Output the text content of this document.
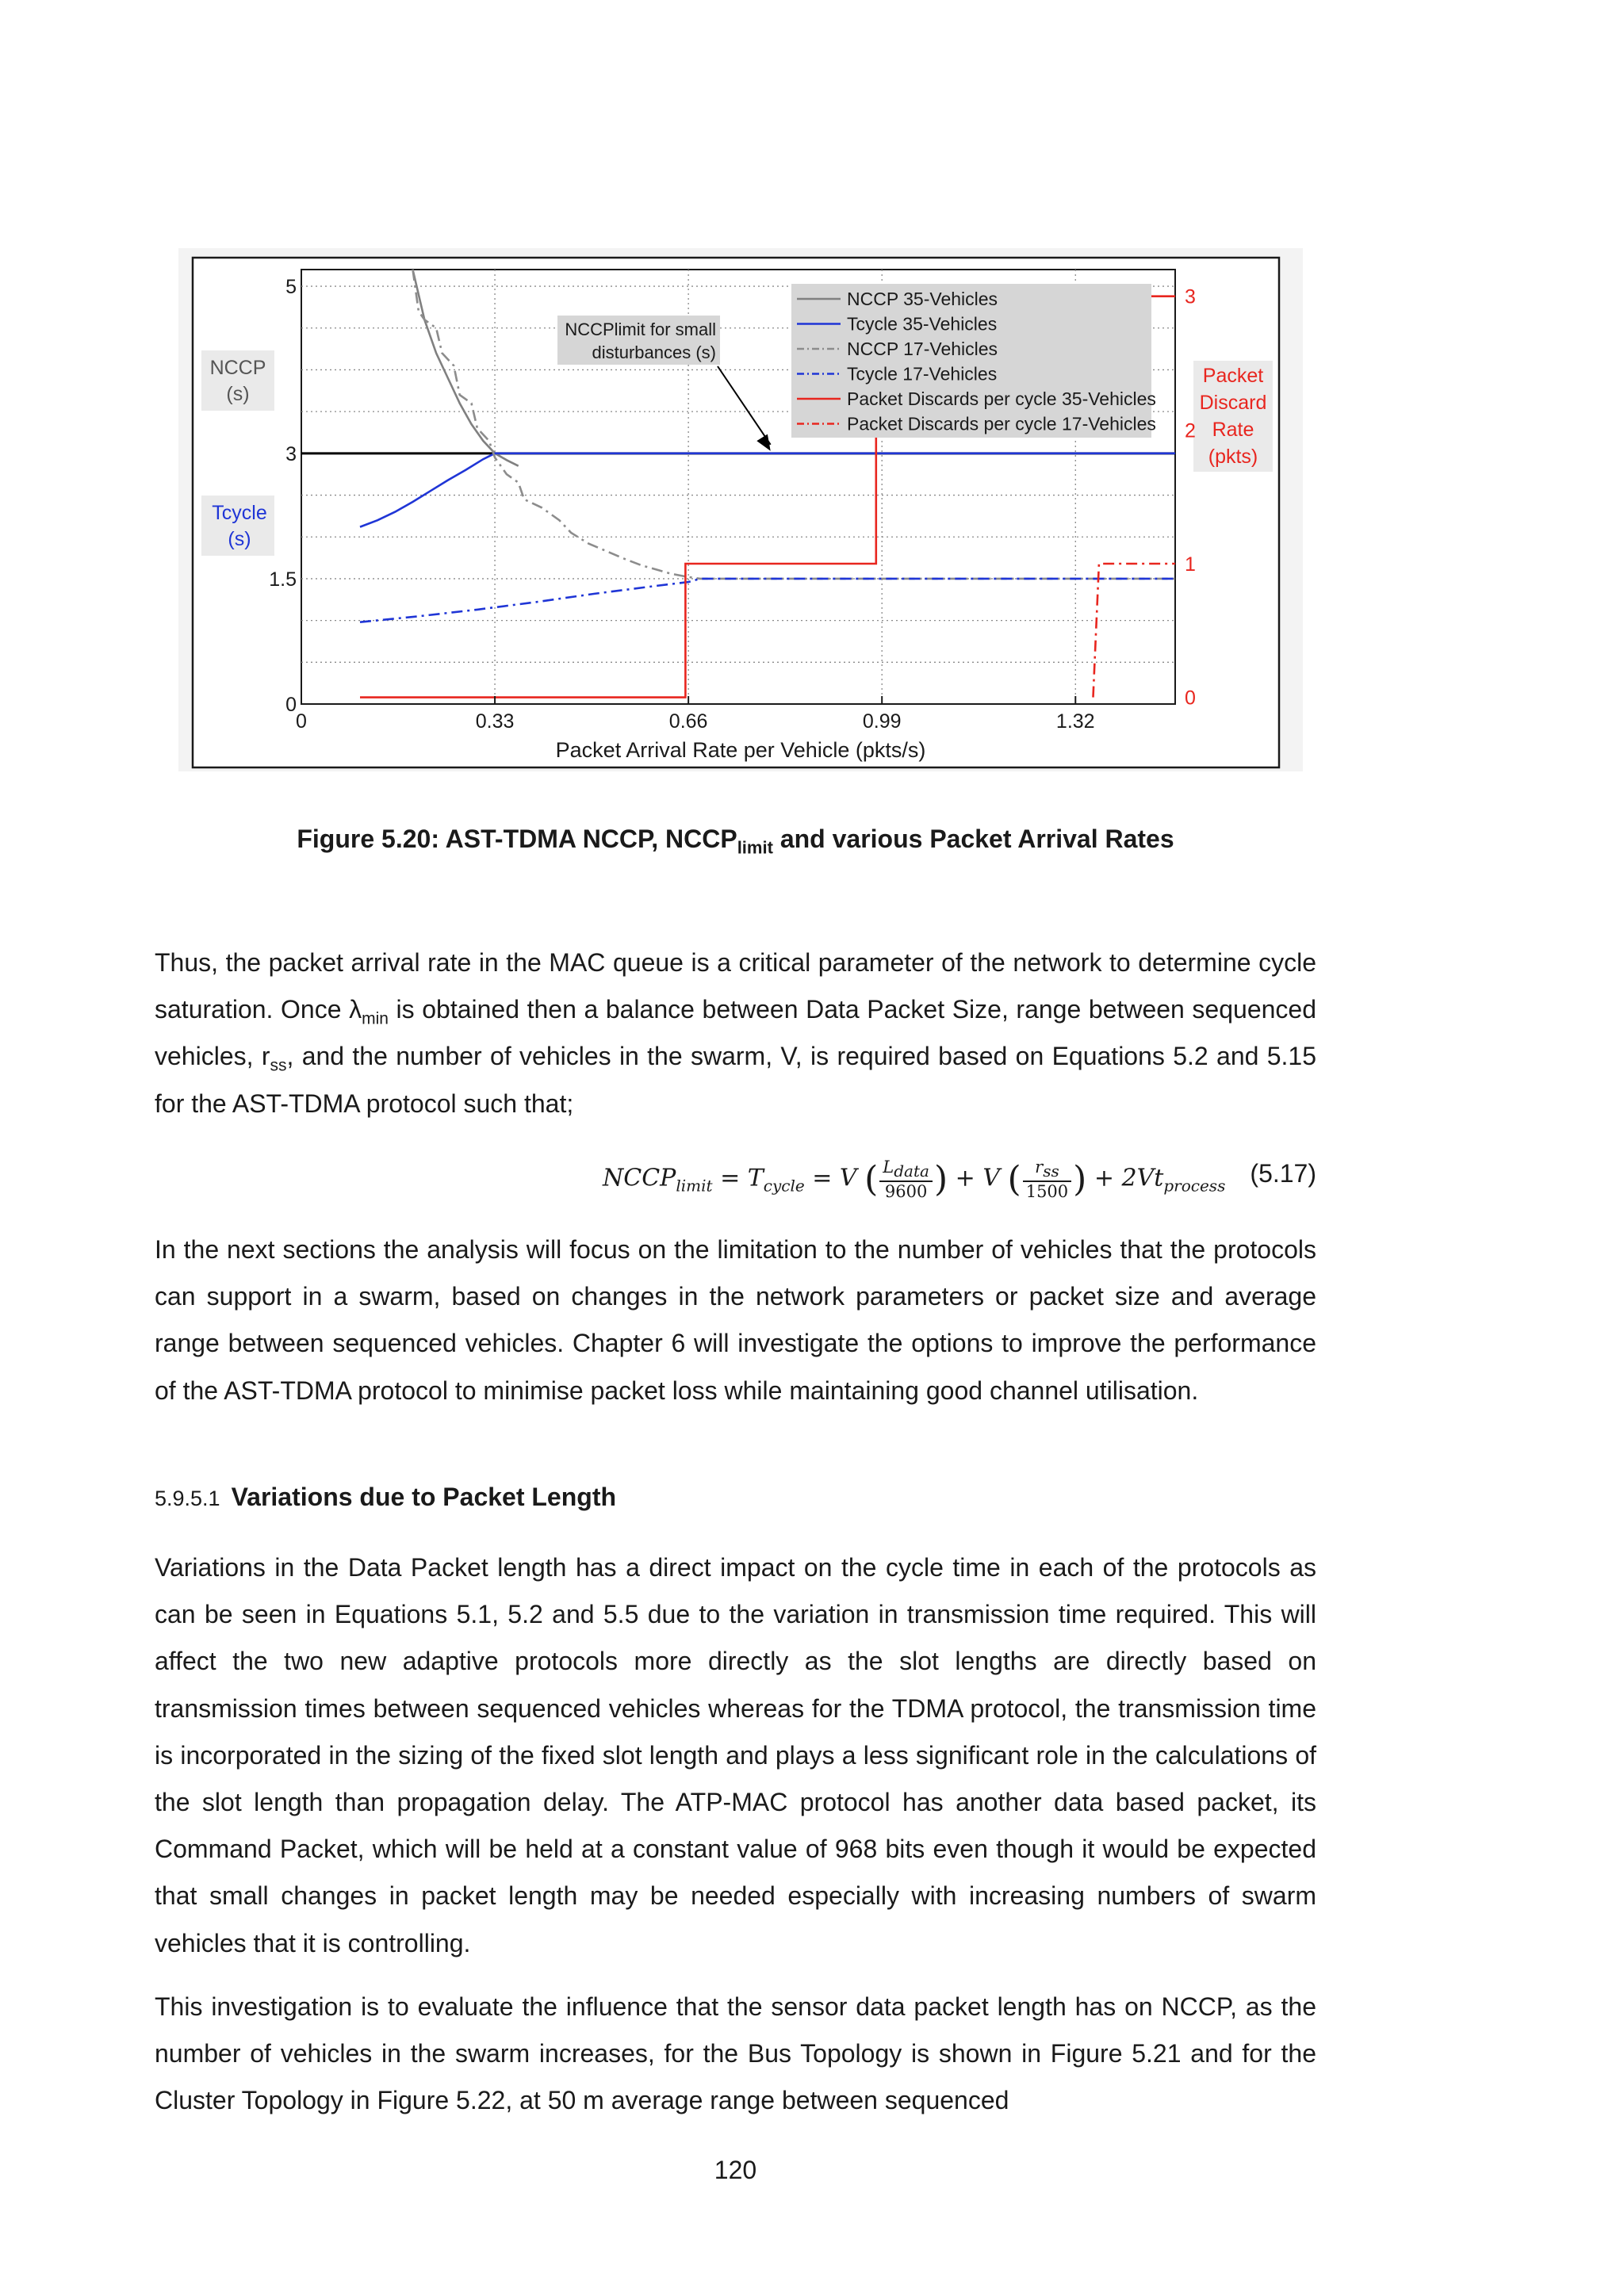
NCCP 35-Vehicles
Tcycle 35-Vehicles
NCCP 17-Vehicles
Tcycle 17-Vehicles
Packet Discards per cycle 35-Vehicles
Packet Discards per cycle 17-Vehicles
NCCPlimit for small
disturbances (s)
NCCP
(s)
Tcycle
(s)
Packet
Discard
Rate
(pkts)
0	0.33	0.66	0.99	1.32
0
1.5
3
5
0
1
2
3
Packet Arrival Rate per Vehicle (pkts/s)
Figure 5.20: AST-TDMA NCCP, $NCCP_{limit}$ and various Packet Arrival Rates

Thus, the packet arrival rate in the MAC queue is a critical parameter of the network to determine cycle saturation. Once $\lambda_{min}$ is obtained then a balance between Data Packet Size, range between sequenced vehicles, $r_{ss}$, and the number of vehicles in the swarm, V, is required based on Equations 5.2 and 5.15 for the AST-TDMA protocol such that;

$NCCP_{limit} = T_{cycle} = V$ ( $\frac{L_{data}}{9600}$ ) + V ( $\frac{r_{ss}}{1500}$ ) + $2Vt_{process}$ (5.17)

In the next sections the analysis will focus on the limitation to the number of vehicles that the protocols can support in a swarm, based on changes in the network parameters or packet size and average range between sequenced vehicles. Chapter 6 will investigate the options to improve the performance of the AST-TDMA protocol to minimise packet loss while maintaining good channel utilisation.

5.9.5.1 Variations due to Packet Length

Variations in the Data Packet length has a direct impact on the cycle time in each of the protocols as can be seen in Equations 5.1, 5.2 and 5.5 due to the variation in transmission time required. This will affect the two new adaptive protocols more directly as the slot lengths are directly based on transmission times between sequenced vehicles whereas for the TDMA protocol, the transmission time is incorporated in the sizing of the fixed slot length and plays a less significant role in the calculations of the slot length than propagation delay. The ATP-MAC protocol has another data based packet, its Command Packet, which will be held at a constant value of 968 bits even though it would be expected that small changes in packet length may be needed especially with increasing numbers of swarm vehicles that it is controlling.

This investigation is to evaluate the influence that the sensor data packet length has on NCCP, as the number of vehicles in the swarm increases, for the Bus Topology is shown in Figure 5.21 and for the Cluster Topology in Figure 5.22, at 50 m average range between sequenced

120
